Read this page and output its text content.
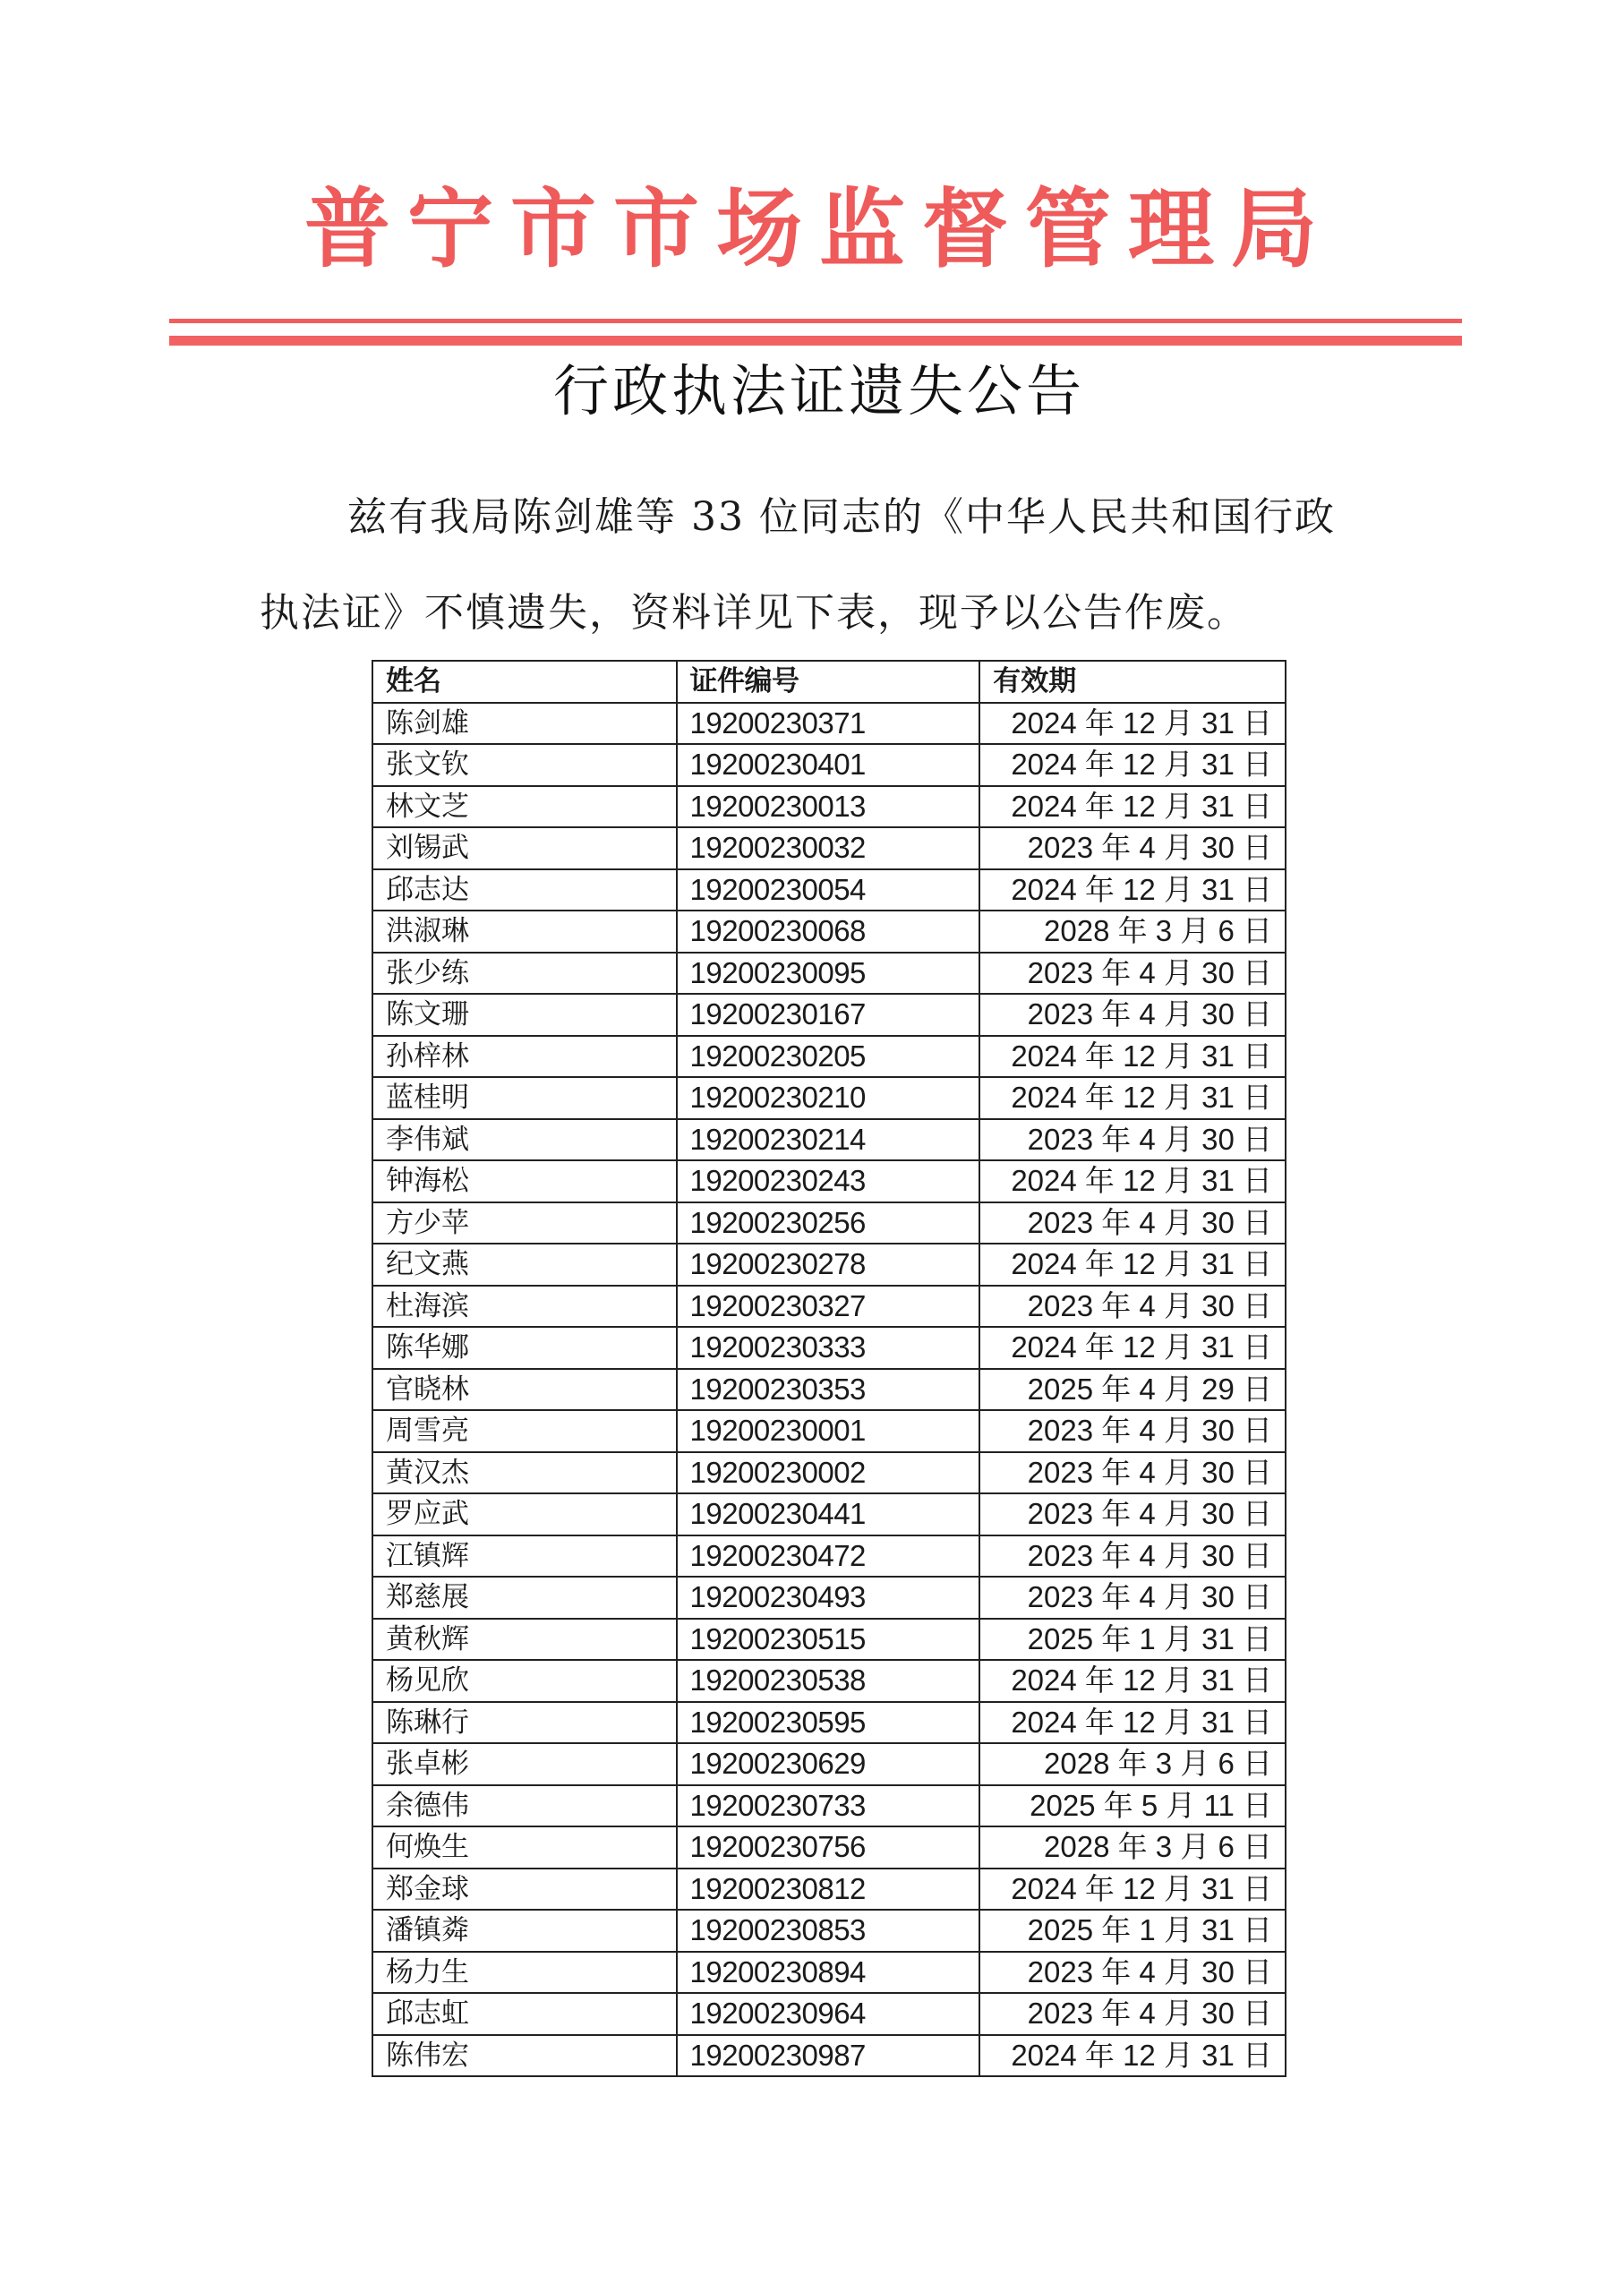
普宁市市场监督管理局
行政执法证遗失公告
兹有我局陈剑雄等 33 位同志的《中华人民共和国行政
执法证》不慎遗失，资料详见下表，现予以公告作废。
姓名	证件编号	有效期
陈剑雄	19200230371	2024 年 12 月 31 日
张文钦	19200230401	2024 年 12 月 31 日
林文芝	19200230013	2024 年 12 月 31 日
刘锡武	19200230032	2023 年 4 月 30 日
邱志达	19200230054	2024 年 12 月 31 日
洪淑琳	19200230068	2028 年 3 月 6 日
张少练	19200230095	2023 年 4 月 30 日
陈文珊	19200230167	2023 年 4 月 30 日
孙梓林	19200230205	2024 年 12 月 31 日
蓝桂明	19200230210	2024 年 12 月 31 日
李伟斌	19200230214	2023 年 4 月 30 日
钟海松	19200230243	2024 年 12 月 31 日
方少苹	19200230256	2023 年 4 月 30 日
纪文燕	19200230278	2024 年 12 月 31 日
杜海滨	19200230327	2023 年 4 月 30 日
陈华娜	19200230333	2024 年 12 月 31 日
官晓林	19200230353	2025 年 4 月 29 日
周雪亮	19200230001	2023 年 4 月 30 日
黄汉杰	19200230002	2023 年 4 月 30 日
罗应武	19200230441	2023 年 4 月 30 日
江镇辉	19200230472	2023 年 4 月 30 日
郑慈展	19200230493	2023 年 4 月 30 日
黄秋辉	19200230515	2025 年 1 月 31 日
杨见欣	19200230538	2024 年 12 月 31 日
陈琳行	19200230595	2024 年 12 月 31 日
张卓彬	19200230629	2028 年 3 月 6 日
余德伟	19200230733	2025 年 5 月 11 日
何焕生	19200230756	2028 年 3 月 6 日
郑金球	19200230812	2024 年 12 月 31 日
潘镇粦	19200230853	2025 年 1 月 31 日
杨力生	19200230894	2023 年 4 月 30 日
邱志虹	19200230964	2023 年 4 月 30 日
陈伟宏	19200230987	2024 年 12 月 31 日
